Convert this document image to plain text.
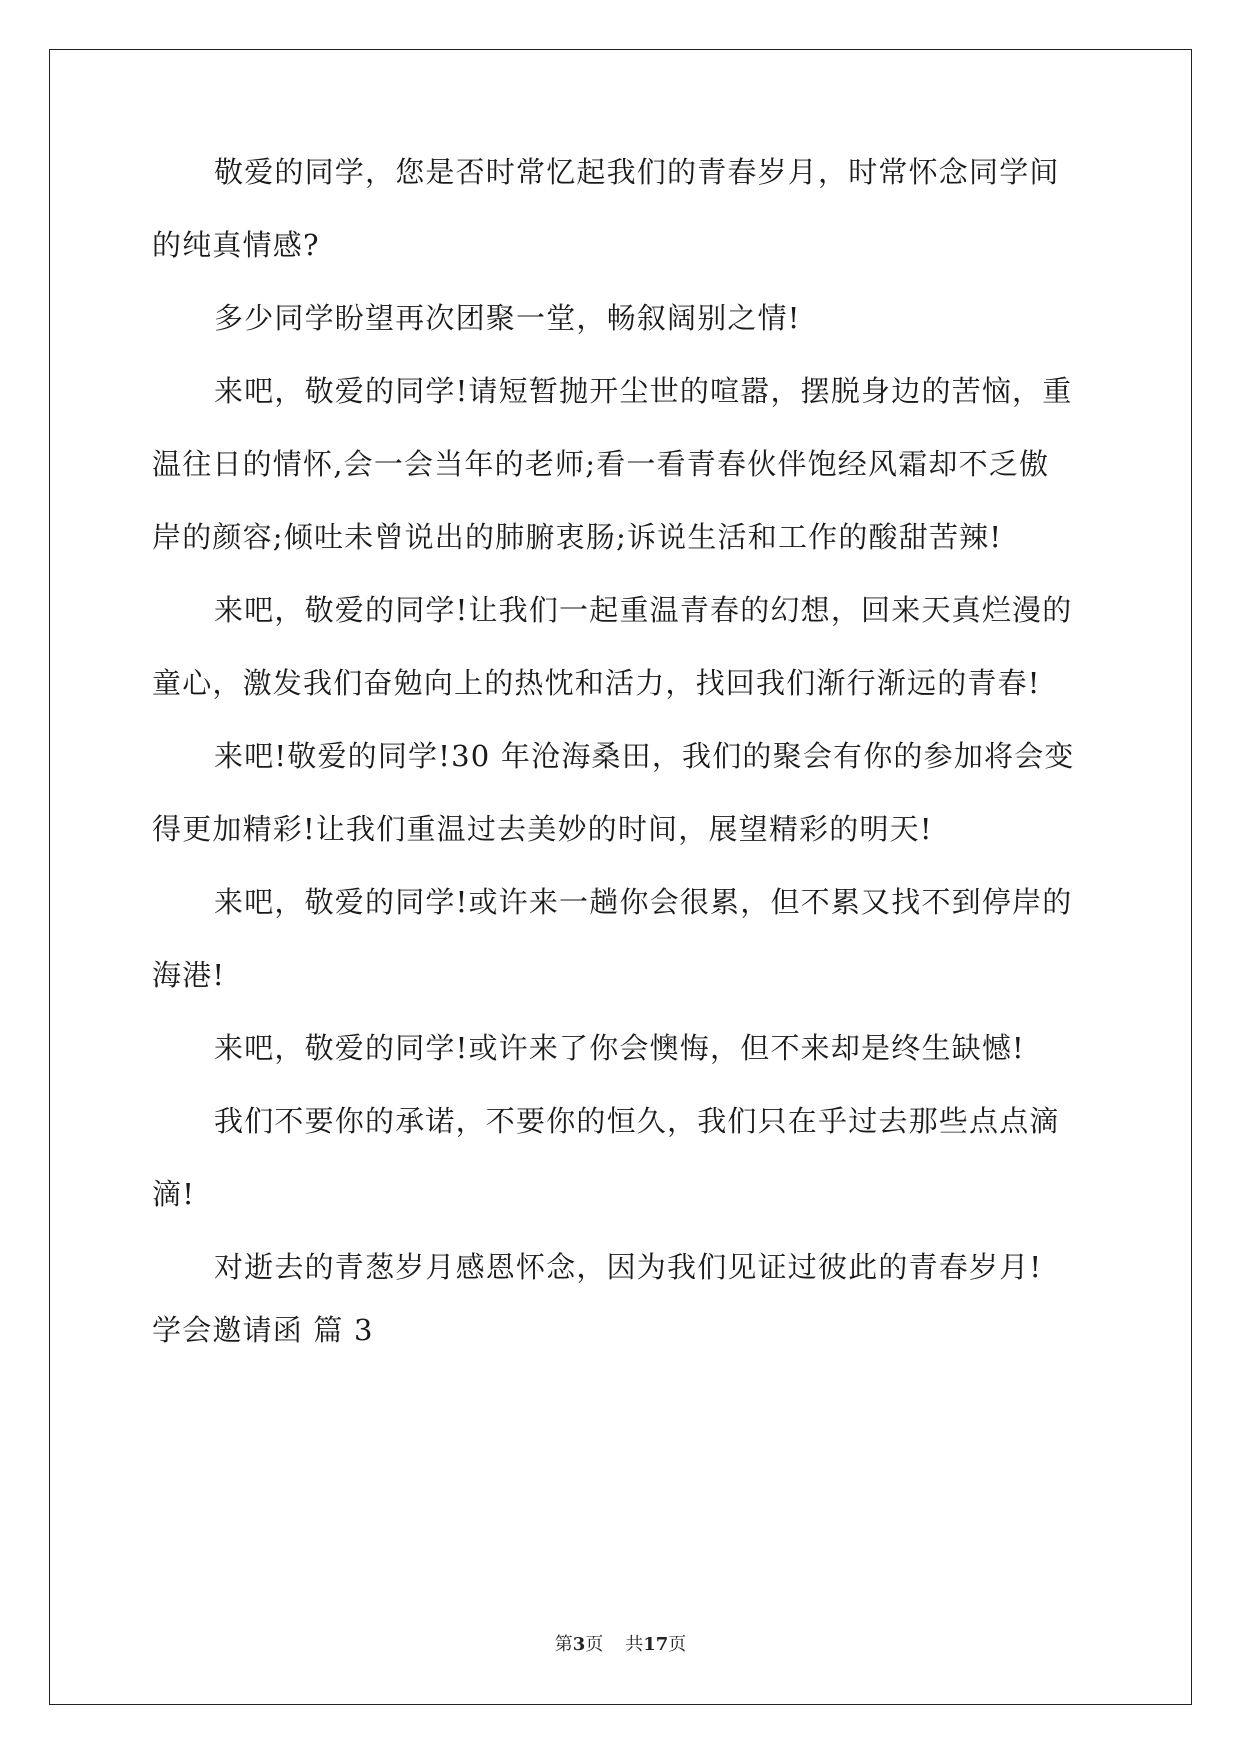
敬爱的同学，您是否时常忆起我们的青春岁月，时常怀念同学间
的纯真情感?
多少同学盼望再次团聚一堂，畅叙阔别之情!
来吧，敬爱的同学!请短暂抛开尘世的喧嚣，摆脱身边的苦恼，重
温往日的情怀,会一会当年的老师;看一看青春伙伴饱经风霜却不乏傲
岸的颜容;倾吐未曾说出的肺腑衷肠;诉说生活和工作的酸甜苦辣!
来吧，敬爱的同学!让我们一起重温青春的幻想，回来天真烂漫的
童心，激发我们奋勉向上的热忱和活力，找回我们渐行渐远的青春!
来吧!敬爱的同学!30 年沧海桑田，我们的聚会有你的参加将会变
得更加精彩!让我们重温过去美妙的时间，展望精彩的明天!
来吧，敬爱的同学!或许来一趟你会很累，但不累又找不到停岸的
海港!
来吧，敬爱的同学!或许来了你会懊悔，但不来却是终生缺憾!
我们不要你的承诺，不要你的恒久，我们只在乎过去那些点点滴
滴!
对逝去的青葱岁月感恩怀念，因为我们见证过彼此的青春岁月!
学会邀请函 篇 3
第3页 共17页
